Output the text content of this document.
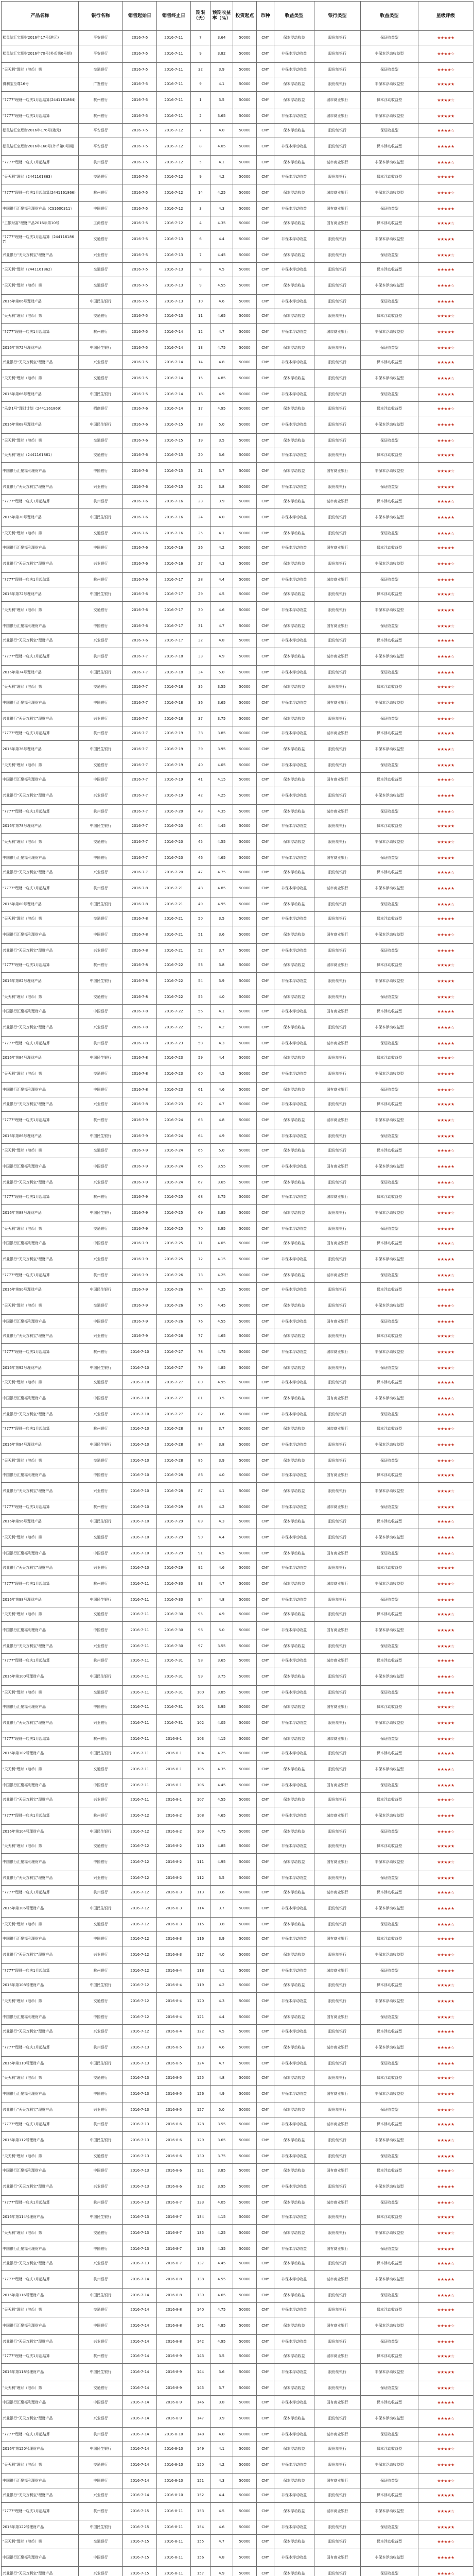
产品名称	银行名称	销售起始日	销售终止日	期限（天）	预期收益率（%）	投资起点	币种	收益类型	银行类型	收益类型	星级评级
松鼠结汇宝理财2016年17号(港元)	平安银行	2016-7-5	2016-7-11	7	3.64	50000	CNY	保本浮动收益	股份制银行	保证收益型	★★★★★
松鼠结汇宝理财2016年70号(外币第0号期)	平安银行	2016-7-5	2016-7-11	9	3.82	50000	CNY	非保本浮动收益	股份制银行	非保本浮动收益型	★★★★☆
"天天利"理财（港币）第	交通银行	2016-7-5	2016-7-11	32	3.9	50000	CNY	非保本浮动收益	股份制银行	保证收益型	★★★★☆
得利宝至尊16号	广发银行	2016-7-5	2016-7-11	9	4.1	50000	CNY	保本浮动收益	股份制银行	非保本浮动收益型	★★★★★
"7777"理财一店庆1月起结算(2441161864)	杭州银行	2016-7-5	2016-7-11	1	3.5	50000	CNY	保本浮动收益	城市商业银行	保本浮动收益型	★★★★☆
"7777"理财一店庆1月起结算	杭州银行	2016-7-5	2016-7-11	2	3.65	50000	CNY	非保本浮动收益	城市商业银行	非保本浮动收益型	★★★★★
松鼠结汇宝理财2016年176号(港元)	平安银行	2016-7-5	2016-7-12	7	4.0	50000	CNY	保本浮动收益	股份制银行	保证收益型	★★★★☆
松鼠结汇宝理财2016年168号(外币第0号期)	平安银行	2016-7-5	2016-7-12	8	4.05	50000	CNY	非保本浮动收益	股份制银行	保本浮动收益型	★★★★★
"7777"理财一店庆1月起结算	杭州银行	2016-7-5	2016-7-12	5	4.1	50000	CNY	保本浮动收益	城市商业银行	非保本浮动收益型	★★★★☆
"天天利"理财（2441161863）	交通银行	2016-7-5	2016-7-12	9	4.2	50000	CNY	非保本浮动收益	股份制银行	保本浮动收益型	★★★★★
"7777"理财一店庆1月起结算(2441161866)	杭州银行	2016-7-5	2016-7-12	14	4.25	50000	CNY	保本浮动收益	城市商业银行	非保本浮动收益型	★★★★☆
中国银行汇聚福利理财产品（CS1600311）	中国银行	2016-7-5	2016-7-12	3	4.3	50000	CNY	非保本浮动收益	国有商业银行	保证收益型	★★★★★
"工银财富"理财产品2016年第10号	工商银行	2016-7-5	2016-7-12	4	4.35	50000	CNY	保本浮动收益	国有商业银行	保本浮动收益型	★★★★☆
"7777"理财一店庆1月起结算（2441161867）	交通银行	2016-7-5	2016-7-13	6	4.4	50000	CNY	非保本浮动收益	股份制银行	非保本浮动收益型	★★★★★
兴业银行"天天万利宝"理财产品	兴业银行	2016-7-5	2016-7-13	7	4.45	50000	CNY	保本浮动收益	股份制银行	保证收益型	★★★★☆
"天天利"理财（2441161862）	交通银行	2016-7-5	2016-7-13	8	4.5	50000	CNY	非保本浮动收益	股份制银行	保本浮动收益型	★★★★★
"天天利"理财（港币）第	交通银行	2016-7-5	2016-7-13	9	4.55	50000	CNY	保本浮动收益	股份制银行	非保本浮动收益型	★★★★☆
2016年第66号理财产品	中国民生银行	2016-7-5	2016-7-13	10	4.6	50000	CNY	非保本浮动收益	股份制银行	保证收益型	★★★★★
"天天利"理财（港币）第	交通银行	2016-7-5	2016-7-13	11	4.65	50000	CNY	保本浮动收益	股份制银行	保本浮动收益型	★★★★☆
"7777"理财一店庆1月起结算	杭州银行	2016-7-5	2016-7-14	12	4.7	50000	CNY	非保本浮动收益	城市商业银行	非保本浮动收益型	★★★★★
2016年第72号理财产品	中国民生银行	2016-7-5	2016-7-14	13	4.75	50000	CNY	保本浮动收益	股份制银行	保证收益型	★★★★☆
兴业银行"天天万利宝"理财产品	兴业银行	2016-7-5	2016-7-14	14	4.8	50000	CNY	非保本浮动收益	股份制银行	保本浮动收益型	★★★★★
"天天利"理财（港币）第	交通银行	2016-7-5	2016-7-14	15	4.85	50000	CNY	保本浮动收益	股份制银行	非保本浮动收益型	★★★★☆
2016年第66号理财产品	中国民生银行	2016-7-5	2016-7-14	16	4.9	50000	CNY	非保本浮动收益	股份制银行	保证收益型	★★★★★
"乐享1号"理财计划（2441161869）	招商银行	2016-7-6	2016-7-14	17	4.95	50000	CNY	保本浮动收益	股份制银行	保本浮动收益型	★★★★☆
2016年第68号理财产品	中国民生银行	2016-7-6	2016-7-15	18	5.0	50000	CNY	非保本浮动收益	股份制银行	非保本浮动收益型	★★★★★
"天天利"理财（港币）第	交通银行	2016-7-6	2016-7-15	19	3.5	50000	CNY	保本浮动收益	股份制银行	保证收益型	★★★★☆
"天天利"理财（2441161861）	交通银行	2016-7-6	2016-7-15	20	3.6	50000	CNY	非保本浮动收益	股份制银行	保本浮动收益型	★★★★★
中国银行汇聚福利理财产品	中国银行	2016-7-6	2016-7-15	21	3.7	50000	CNY	保本浮动收益	国有商业银行	非保本浮动收益型	★★★★☆
兴业银行"天天万利宝"理财产品	兴业银行	2016-7-6	2016-7-15	22	3.8	50000	CNY	非保本浮动收益	股份制银行	保证收益型	★★★★★
"7777"理财一店庆1月起结算	杭州银行	2016-7-6	2016-7-16	23	3.9	50000	CNY	保本浮动收益	城市商业银行	保本浮动收益型	★★★★☆
2016年第70号理财产品	中国民生银行	2016-7-6	2016-7-16	24	4.0	50000	CNY	非保本浮动收益	股份制银行	非保本浮动收益型	★★★★★
"天天利"理财（港币）第	交通银行	2016-7-6	2016-7-16	25	4.1	50000	CNY	保本浮动收益	股份制银行	保证收益型	★★★★☆
中国银行汇聚福利理财产品	中国银行	2016-7-6	2016-7-16	26	4.2	50000	CNY	非保本浮动收益	国有商业银行	保本浮动收益型	★★★★★
兴业银行"天天万利宝"理财产品	兴业银行	2016-7-6	2016-7-16	27	4.3	50000	CNY	保本浮动收益	股份制银行	非保本浮动收益型	★★★★☆
"7777"理财一店庆1月起结算	杭州银行	2016-7-6	2016-7-17	28	4.4	50000	CNY	非保本浮动收益	城市商业银行	保证收益型	★★★★★
2016年第72号理财产品	中国民生银行	2016-7-6	2016-7-17	29	4.5	50000	CNY	保本浮动收益	股份制银行	保本浮动收益型	★★★★☆
"天天利"理财（港币）第	交通银行	2016-7-6	2016-7-17	30	4.6	50000	CNY	非保本浮动收益	股份制银行	非保本浮动收益型	★★★★★
中国银行汇聚福利理财产品	中国银行	2016-7-6	2016-7-17	31	4.7	50000	CNY	保本浮动收益	国有商业银行	保证收益型	★★★★☆
兴业银行"天天万利宝"理财产品	兴业银行	2016-7-6	2016-7-17	32	4.8	50000	CNY	非保本浮动收益	股份制银行	保本浮动收益型	★★★★★
"7777"理财一店庆1月起结算	杭州银行	2016-7-7	2016-7-18	33	4.9	50000	CNY	保本浮动收益	城市商业银行	非保本浮动收益型	★★★★☆
2016年第74号理财产品	中国民生银行	2016-7-7	2016-7-18	34	5.0	50000	CNY	非保本浮动收益	股份制银行	保证收益型	★★★★★
"天天利"理财（港币）第	交通银行	2016-7-7	2016-7-18	35	3.55	50000	CNY	保本浮动收益	股份制银行	保本浮动收益型	★★★★☆
中国银行汇聚福利理财产品	中国银行	2016-7-7	2016-7-18	36	3.65	50000	CNY	非保本浮动收益	国有商业银行	非保本浮动收益型	★★★★★
兴业银行"天天万利宝"理财产品	兴业银行	2016-7-7	2016-7-18	37	3.75	50000	CNY	保本浮动收益	股份制银行	保证收益型	★★★★☆
"7777"理财一店庆1月起结算	杭州银行	2016-7-7	2016-7-19	38	3.85	50000	CNY	非保本浮动收益	城市商业银行	保本浮动收益型	★★★★★
2016年第76号理财产品	中国民生银行	2016-7-7	2016-7-19	39	3.95	50000	CNY	保本浮动收益	股份制银行	非保本浮动收益型	★★★★☆
"天天利"理财（港币）第	交通银行	2016-7-7	2016-7-19	40	4.05	50000	CNY	非保本浮动收益	股份制银行	保证收益型	★★★★★
中国银行汇聚福利理财产品	中国银行	2016-7-7	2016-7-19	41	4.15	50000	CNY	保本浮动收益	国有商业银行	保本浮动收益型	★★★★☆
兴业银行"天天万利宝"理财产品	兴业银行	2016-7-7	2016-7-19	42	4.25	50000	CNY	非保本浮动收益	股份制银行	非保本浮动收益型	★★★★★
"7777"理财一店庆1月起结算	杭州银行	2016-7-7	2016-7-20	43	4.35	50000	CNY	保本浮动收益	城市商业银行	保证收益型	★★★★☆
2016年第78号理财产品	中国民生银行	2016-7-7	2016-7-20	44	4.45	50000	CNY	非保本浮动收益	股份制银行	保本浮动收益型	★★★★★
"天天利"理财（港币）第	交通银行	2016-7-7	2016-7-20	45	4.55	50000	CNY	保本浮动收益	股份制银行	非保本浮动收益型	★★★★☆
中国银行汇聚福利理财产品	中国银行	2016-7-7	2016-7-20	46	4.65	50000	CNY	非保本浮动收益	国有商业银行	保证收益型	★★★★★
兴业银行"天天万利宝"理财产品	兴业银行	2016-7-7	2016-7-20	47	4.75	50000	CNY	保本浮动收益	股份制银行	保本浮动收益型	★★★★☆
"7777"理财一店庆1月起结算	杭州银行	2016-7-8	2016-7-21	48	4.85	50000	CNY	非保本浮动收益	城市商业银行	非保本浮动收益型	★★★★★
2016年第80号理财产品	中国民生银行	2016-7-8	2016-7-21	49	4.95	50000	CNY	保本浮动收益	股份制银行	保证收益型	★★★★☆
"天天利"理财（港币）第	交通银行	2016-7-8	2016-7-21	50	3.5	50000	CNY	非保本浮动收益	股份制银行	保本浮动收益型	★★★★★
中国银行汇聚福利理财产品	中国银行	2016-7-8	2016-7-21	51	3.6	50000	CNY	保本浮动收益	国有商业银行	非保本浮动收益型	★★★★☆
兴业银行"天天万利宝"理财产品	兴业银行	2016-7-8	2016-7-21	52	3.7	50000	CNY	非保本浮动收益	股份制银行	保证收益型	★★★★★
"7777"理财一店庆1月起结算	杭州银行	2016-7-8	2016-7-22	53	3.8	50000	CNY	保本浮动收益	城市商业银行	保本浮动收益型	★★★★☆
2016年第82号理财产品	中国民生银行	2016-7-8	2016-7-22	54	3.9	50000	CNY	非保本浮动收益	股份制银行	非保本浮动收益型	★★★★★
"天天利"理财（港币）第	交通银行	2016-7-8	2016-7-22	55	4.0	50000	CNY	保本浮动收益	股份制银行	保证收益型	★★★★☆
中国银行汇聚福利理财产品	中国银行	2016-7-8	2016-7-22	56	4.1	50000	CNY	非保本浮动收益	国有商业银行	保本浮动收益型	★★★★★
兴业银行"天天万利宝"理财产品	兴业银行	2016-7-8	2016-7-22	57	4.2	50000	CNY	保本浮动收益	股份制银行	非保本浮动收益型	★★★★☆
"7777"理财一店庆1月起结算	杭州银行	2016-7-8	2016-7-23	58	4.3	50000	CNY	非保本浮动收益	城市商业银行	保证收益型	★★★★★
2016年第84号理财产品	中国民生银行	2016-7-8	2016-7-23	59	4.4	50000	CNY	保本浮动收益	股份制银行	保本浮动收益型	★★★★☆
"天天利"理财（港币）第	交通银行	2016-7-8	2016-7-23	60	4.5	50000	CNY	非保本浮动收益	股份制银行	非保本浮动收益型	★★★★★
中国银行汇聚福利理财产品	中国银行	2016-7-8	2016-7-23	61	4.6	50000	CNY	保本浮动收益	国有商业银行	保证收益型	★★★★☆
兴业银行"天天万利宝"理财产品	兴业银行	2016-7-8	2016-7-23	62	4.7	50000	CNY	非保本浮动收益	股份制银行	保本浮动收益型	★★★★★
"7777"理财一店庆1月起结算	杭州银行	2016-7-9	2016-7-24	63	4.8	50000	CNY	保本浮动收益	城市商业银行	非保本浮动收益型	★★★★☆
2016年第86号理财产品	中国民生银行	2016-7-9	2016-7-24	64	4.9	50000	CNY	非保本浮动收益	股份制银行	保证收益型	★★★★★
"天天利"理财（港币）第	交通银行	2016-7-9	2016-7-24	65	5.0	50000	CNY	保本浮动收益	股份制银行	保本浮动收益型	★★★★☆
中国银行汇聚福利理财产品	中国银行	2016-7-9	2016-7-24	66	3.55	50000	CNY	非保本浮动收益	国有商业银行	非保本浮动收益型	★★★★★
兴业银行"天天万利宝"理财产品	兴业银行	2016-7-9	2016-7-24	67	3.65	50000	CNY	保本浮动收益	股份制银行	保证收益型	★★★★☆
"7777"理财一店庆1月起结算	杭州银行	2016-7-9	2016-7-25	68	3.75	50000	CNY	非保本浮动收益	城市商业银行	保本浮动收益型	★★★★★
2016年第88号理财产品	中国民生银行	2016-7-9	2016-7-25	69	3.85	50000	CNY	保本浮动收益	股份制银行	非保本浮动收益型	★★★★☆
"天天利"理财（港币）第	交通银行	2016-7-9	2016-7-25	70	3.95	50000	CNY	非保本浮动收益	股份制银行	保证收益型	★★★★★
中国银行汇聚福利理财产品	中国银行	2016-7-9	2016-7-25	71	4.05	50000	CNY	保本浮动收益	国有商业银行	保本浮动收益型	★★★★☆
兴业银行"天天万利宝"理财产品	兴业银行	2016-7-9	2016-7-25	72	4.15	50000	CNY	非保本浮动收益	股份制银行	非保本浮动收益型	★★★★★
"7777"理财一店庆1月起结算	杭州银行	2016-7-9	2016-7-26	73	4.25	50000	CNY	保本浮动收益	城市商业银行	保证收益型	★★★★☆
2016年第90号理财产品	中国民生银行	2016-7-9	2016-7-26	74	4.35	50000	CNY	非保本浮动收益	股份制银行	保本浮动收益型	★★★★★
"天天利"理财（港币）第	交通银行	2016-7-9	2016-7-26	75	4.45	50000	CNY	保本浮动收益	股份制银行	非保本浮动收益型	★★★★☆
中国银行汇聚福利理财产品	中国银行	2016-7-9	2016-7-26	76	4.55	50000	CNY	非保本浮动收益	国有商业银行	保证收益型	★★★★★
兴业银行"天天万利宝"理财产品	兴业银行	2016-7-9	2016-7-26	77	4.65	50000	CNY	保本浮动收益	股份制银行	保本浮动收益型	★★★★☆
"7777"理财一店庆1月起结算	杭州银行	2016-7-10	2016-7-27	78	4.75	50000	CNY	非保本浮动收益	城市商业银行	非保本浮动收益型	★★★★★
2016年第92号理财产品	中国民生银行	2016-7-10	2016-7-27	79	4.85	50000	CNY	保本浮动收益	股份制银行	保证收益型	★★★★☆
"天天利"理财（港币）第	交通银行	2016-7-10	2016-7-27	80	4.95	50000	CNY	非保本浮动收益	股份制银行	保本浮动收益型	★★★★★
中国银行汇聚福利理财产品	中国银行	2016-7-10	2016-7-27	81	3.5	50000	CNY	保本浮动收益	国有商业银行	非保本浮动收益型	★★★★☆
兴业银行"天天万利宝"理财产品	兴业银行	2016-7-10	2016-7-27	82	3.6	50000	CNY	非保本浮动收益	股份制银行	保证收益型	★★★★★
"7777"理财一店庆1月起结算	杭州银行	2016-7-10	2016-7-28	83	3.7	50000	CNY	保本浮动收益	城市商业银行	保本浮动收益型	★★★★☆
2016年第94号理财产品	中国民生银行	2016-7-10	2016-7-28	84	3.8	50000	CNY	非保本浮动收益	股份制银行	非保本浮动收益型	★★★★★
"天天利"理财（港币）第	交通银行	2016-7-10	2016-7-28	85	3.9	50000	CNY	保本浮动收益	股份制银行	保证收益型	★★★★☆
中国银行汇聚福利理财产品	中国银行	2016-7-10	2016-7-28	86	4.0	50000	CNY	非保本浮动收益	国有商业银行	保本浮动收益型	★★★★★
兴业银行"天天万利宝"理财产品	兴业银行	2016-7-10	2016-7-28	87	4.1	50000	CNY	保本浮动收益	股份制银行	非保本浮动收益型	★★★★☆
"7777"理财一店庆1月起结算	杭州银行	2016-7-10	2016-7-29	88	4.2	50000	CNY	非保本浮动收益	城市商业银行	保证收益型	★★★★★
2016年第96号理财产品	中国民生银行	2016-7-10	2016-7-29	89	4.3	50000	CNY	保本浮动收益	股份制银行	保本浮动收益型	★★★★☆
"天天利"理财（港币）第	交通银行	2016-7-10	2016-7-29	90	4.4	50000	CNY	非保本浮动收益	股份制银行	非保本浮动收益型	★★★★★
中国银行汇聚福利理财产品	中国银行	2016-7-10	2016-7-29	91	4.5	50000	CNY	保本浮动收益	国有商业银行	保证收益型	★★★★☆
兴业银行"天天万利宝"理财产品	兴业银行	2016-7-10	2016-7-29	92	4.6	50000	CNY	非保本浮动收益	股份制银行	保本浮动收益型	★★★★★
"7777"理财一店庆1月起结算	杭州银行	2016-7-11	2016-7-30	93	4.7	50000	CNY	保本浮动收益	城市商业银行	非保本浮动收益型	★★★★☆
2016年第98号理财产品	中国民生银行	2016-7-11	2016-7-30	94	4.8	50000	CNY	非保本浮动收益	股份制银行	保证收益型	★★★★★
"天天利"理财（港币）第	交通银行	2016-7-11	2016-7-30	95	4.9	50000	CNY	保本浮动收益	股份制银行	保本浮动收益型	★★★★☆
中国银行汇聚福利理财产品	中国银行	2016-7-11	2016-7-30	96	5.0	50000	CNY	非保本浮动收益	国有商业银行	非保本浮动收益型	★★★★★
兴业银行"天天万利宝"理财产品	兴业银行	2016-7-11	2016-7-30	97	3.55	50000	CNY	保本浮动收益	股份制银行	保证收益型	★★★★☆
"7777"理财一店庆1月起结算	杭州银行	2016-7-11	2016-7-31	98	3.65	50000	CNY	非保本浮动收益	城市商业银行	保本浮动收益型	★★★★★
2016年第100号理财产品	中国民生银行	2016-7-11	2016-7-31	99	3.75	50000	CNY	保本浮动收益	股份制银行	非保本浮动收益型	★★★★☆
"天天利"理财（港币）第	交通银行	2016-7-11	2016-7-31	100	3.85	50000	CNY	非保本浮动收益	股份制银行	保证收益型	★★★★★
中国银行汇聚福利理财产品	中国银行	2016-7-11	2016-7-31	101	3.95	50000	CNY	保本浮动收益	国有商业银行	保本浮动收益型	★★★★☆
兴业银行"天天万利宝"理财产品	兴业银行	2016-7-11	2016-7-31	102	4.05	50000	CNY	非保本浮动收益	股份制银行	非保本浮动收益型	★★★★★
"7777"理财一店庆1月起结算	杭州银行	2016-7-11	2016-8-1	103	4.15	50000	CNY	保本浮动收益	城市商业银行	保证收益型	★★★★☆
2016年第102号理财产品	中国民生银行	2016-7-11	2016-8-1	104	4.25	50000	CNY	非保本浮动收益	股份制银行	保本浮动收益型	★★★★★
"天天利"理财（港币）第	交通银行	2016-7-11	2016-8-1	105	4.35	50000	CNY	保本浮动收益	股份制银行	非保本浮动收益型	★★★★☆
中国银行汇聚福利理财产品	中国银行	2016-7-11	2016-8-1	106	4.45	50000	CNY	非保本浮动收益	国有商业银行	保证收益型	★★★★★
兴业银行"天天万利宝"理财产品	兴业银行	2016-7-11	2016-8-1	107	4.55	50000	CNY	保本浮动收益	股份制银行	保本浮动收益型	★★★★☆
"7777"理财一店庆1月起结算	杭州银行	2016-7-12	2016-8-2	108	4.65	50000	CNY	非保本浮动收益	城市商业银行	非保本浮动收益型	★★★★★
2016年第104号理财产品	中国民生银行	2016-7-12	2016-8-2	109	4.75	50000	CNY	保本浮动收益	股份制银行	保证收益型	★★★★☆
"天天利"理财（港币）第	交通银行	2016-7-12	2016-8-2	110	4.85	50000	CNY	非保本浮动收益	股份制银行	保本浮动收益型	★★★★★
中国银行汇聚福利理财产品	中国银行	2016-7-12	2016-8-2	111	4.95	50000	CNY	保本浮动收益	国有商业银行	非保本浮动收益型	★★★★☆
兴业银行"天天万利宝"理财产品	兴业银行	2016-7-12	2016-8-2	112	3.5	50000	CNY	非保本浮动收益	股份制银行	保证收益型	★★★★★
"7777"理财一店庆1月起结算	杭州银行	2016-7-12	2016-8-3	113	3.6	50000	CNY	保本浮动收益	城市商业银行	保本浮动收益型	★★★★☆
2016年第106号理财产品	中国民生银行	2016-7-12	2016-8-3	114	3.7	50000	CNY	非保本浮动收益	股份制银行	非保本浮动收益型	★★★★★
"天天利"理财（港币）第	交通银行	2016-7-12	2016-8-3	115	3.8	50000	CNY	保本浮动收益	股份制银行	保证收益型	★★★★☆
中国银行汇聚福利理财产品	中国银行	2016-7-12	2016-8-3	116	3.9	50000	CNY	非保本浮动收益	国有商业银行	保本浮动收益型	★★★★★
兴业银行"天天万利宝"理财产品	兴业银行	2016-7-12	2016-8-3	117	4.0	50000	CNY	保本浮动收益	股份制银行	非保本浮动收益型	★★★★☆
"7777"理财一店庆1月起结算	杭州银行	2016-7-12	2016-8-4	118	4.1	50000	CNY	非保本浮动收益	城市商业银行	保证收益型	★★★★★
2016年第108号理财产品	中国民生银行	2016-7-12	2016-8-4	119	4.2	50000	CNY	保本浮动收益	股份制银行	保本浮动收益型	★★★★☆
"天天利"理财（港币）第	交通银行	2016-7-12	2016-8-4	120	4.3	50000	CNY	非保本浮动收益	股份制银行	非保本浮动收益型	★★★★★
中国银行汇聚福利理财产品	中国银行	2016-7-12	2016-8-4	121	4.4	50000	CNY	保本浮动收益	国有商业银行	保证收益型	★★★★☆
兴业银行"天天万利宝"理财产品	兴业银行	2016-7-12	2016-8-4	122	4.5	50000	CNY	非保本浮动收益	股份制银行	保本浮动收益型	★★★★★
"7777"理财一店庆1月起结算	杭州银行	2016-7-13	2016-8-5	123	4.6	50000	CNY	保本浮动收益	城市商业银行	非保本浮动收益型	★★★★☆
2016年第110号理财产品	中国民生银行	2016-7-13	2016-8-5	124	4.7	50000	CNY	非保本浮动收益	股份制银行	保证收益型	★★★★★
"天天利"理财（港币）第	交通银行	2016-7-13	2016-8-5	125	4.8	50000	CNY	保本浮动收益	股份制银行	保本浮动收益型	★★★★☆
中国银行汇聚福利理财产品	中国银行	2016-7-13	2016-8-5	126	4.9	50000	CNY	非保本浮动收益	国有商业银行	非保本浮动收益型	★★★★★
兴业银行"天天万利宝"理财产品	兴业银行	2016-7-13	2016-8-5	127	5.0	50000	CNY	保本浮动收益	股份制银行	保证收益型	★★★★☆
"7777"理财一店庆1月起结算	杭州银行	2016-7-13	2016-8-6	128	3.55	50000	CNY	非保本浮动收益	城市商业银行	保本浮动收益型	★★★★★
2016年第112号理财产品	中国民生银行	2016-7-13	2016-8-6	129	3.65	50000	CNY	保本浮动收益	股份制银行	非保本浮动收益型	★★★★☆
"天天利"理财（港币）第	交通银行	2016-7-13	2016-8-6	130	3.75	50000	CNY	非保本浮动收益	股份制银行	保证收益型	★★★★★
中国银行汇聚福利理财产品	中国银行	2016-7-13	2016-8-6	131	3.85	50000	CNY	保本浮动收益	国有商业银行	保本浮动收益型	★★★★☆
兴业银行"天天万利宝"理财产品	兴业银行	2016-7-13	2016-8-6	132	3.95	50000	CNY	非保本浮动收益	股份制银行	非保本浮动收益型	★★★★★
"7777"理财一店庆1月起结算	杭州银行	2016-7-13	2016-8-7	133	4.05	50000	CNY	保本浮动收益	城市商业银行	保证收益型	★★★★☆
2016年第114号理财产品	中国民生银行	2016-7-13	2016-8-7	134	4.15	50000	CNY	非保本浮动收益	股份制银行	保本浮动收益型	★★★★★
"天天利"理财（港币）第	交通银行	2016-7-13	2016-8-7	135	4.25	50000	CNY	保本浮动收益	股份制银行	非保本浮动收益型	★★★★☆
中国银行汇聚福利理财产品	中国银行	2016-7-13	2016-8-7	136	4.35	50000	CNY	非保本浮动收益	国有商业银行	保证收益型	★★★★★
兴业银行"天天万利宝"理财产品	兴业银行	2016-7-13	2016-8-7	137	4.45	50000	CNY	保本浮动收益	股份制银行	保本浮动收益型	★★★★☆
"7777"理财一店庆1月起结算	杭州银行	2016-7-14	2016-8-8	138	4.55	50000	CNY	非保本浮动收益	城市商业银行	非保本浮动收益型	★★★★★
2016年第116号理财产品	中国民生银行	2016-7-14	2016-8-8	139	4.65	50000	CNY	保本浮动收益	股份制银行	保证收益型	★★★★☆
"天天利"理财（港币）第	交通银行	2016-7-14	2016-8-8	140	4.75	50000	CNY	非保本浮动收益	股份制银行	保本浮动收益型	★★★★★
中国银行汇聚福利理财产品	中国银行	2016-7-14	2016-8-8	141	4.85	50000	CNY	保本浮动收益	国有商业银行	非保本浮动收益型	★★★★☆
兴业银行"天天万利宝"理财产品	兴业银行	2016-7-14	2016-8-8	142	4.95	50000	CNY	非保本浮动收益	股份制银行	保证收益型	★★★★★
"7777"理财一店庆1月起结算	杭州银行	2016-7-14	2016-8-9	143	3.5	50000	CNY	保本浮动收益	城市商业银行	保本浮动收益型	★★★★☆
2016年第118号理财产品	中国民生银行	2016-7-14	2016-8-9	144	3.6	50000	CNY	非保本浮动收益	股份制银行	非保本浮动收益型	★★★★★
"天天利"理财（港币）第	交通银行	2016-7-14	2016-8-9	145	3.7	50000	CNY	保本浮动收益	股份制银行	保证收益型	★★★★☆
中国银行汇聚福利理财产品	中国银行	2016-7-14	2016-8-9	146	3.8	50000	CNY	非保本浮动收益	国有商业银行	保本浮动收益型	★★★★★
兴业银行"天天万利宝"理财产品	兴业银行	2016-7-14	2016-8-9	147	3.9	50000	CNY	保本浮动收益	股份制银行	非保本浮动收益型	★★★★☆
"7777"理财一店庆1月起结算	杭州银行	2016-7-14	2016-8-10	148	4.0	50000	CNY	非保本浮动收益	城市商业银行	保证收益型	★★★★★
2016年第120号理财产品	中国民生银行	2016-7-14	2016-8-10	149	4.1	50000	CNY	保本浮动收益	股份制银行	保本浮动收益型	★★★★☆
"天天利"理财（港币）第	交通银行	2016-7-14	2016-8-10	150	4.2	50000	CNY	非保本浮动收益	股份制银行	非保本浮动收益型	★★★★★
中国银行汇聚福利理财产品	中国银行	2016-7-14	2016-8-10	151	4.3	50000	CNY	保本浮动收益	国有商业银行	保证收益型	★★★★☆
兴业银行"天天万利宝"理财产品	兴业银行	2016-7-14	2016-8-10	152	4.4	50000	CNY	非保本浮动收益	股份制银行	保本浮动收益型	★★★★★
"7777"理财一店庆1月起结算	杭州银行	2016-7-15	2016-8-11	153	4.5	50000	CNY	保本浮动收益	城市商业银行	非保本浮动收益型	★★★★☆
2016年第122号理财产品	中国民生银行	2016-7-15	2016-8-11	154	4.6	50000	CNY	非保本浮动收益	股份制银行	保证收益型	★★★★★
"天天利"理财（港币）第	交通银行	2016-7-15	2016-8-11	155	4.7	50000	CNY	保本浮动收益	股份制银行	保本浮动收益型	★★★★☆
中国银行汇聚福利理财产品	中国银行	2016-7-15	2016-8-11	156	4.8	50000	CNY	非保本浮动收益	国有商业银行	非保本浮动收益型	★★★★★
兴业银行"天天万利宝"理财产品	兴业银行	2016-7-15	2016-8-11	157	4.9	50000	CNY	保本浮动收益	股份制银行	保证收益型	★★★★☆
